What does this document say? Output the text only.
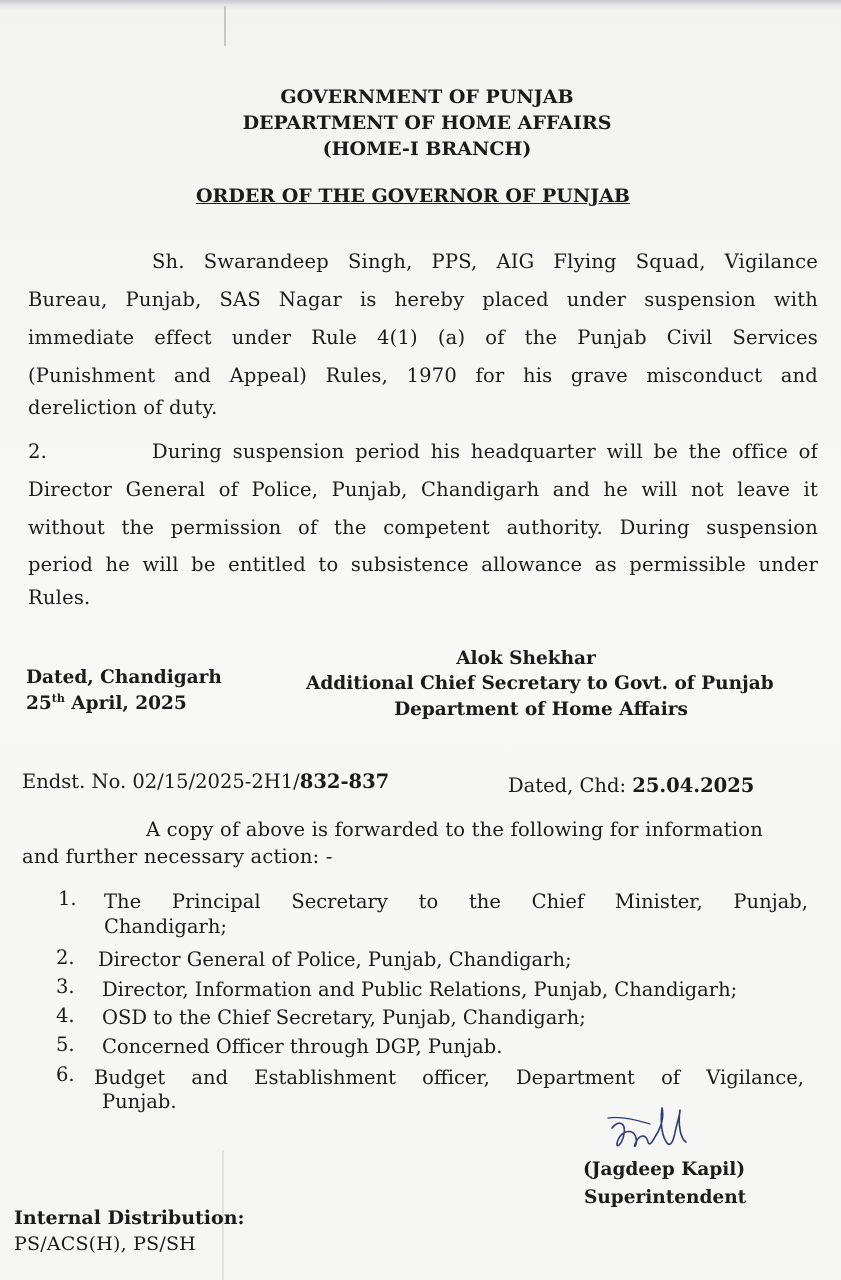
GOVERNMENT OF PUNJAB
DEPARTMENT OF HOME AFFAIRS
(HOME-I BRANCH)
ORDER OF THE GOVERNOR OF PUNJAB
Sh. Swarandeep Singh, PPS, AIG Flying Squad, Vigilance
Bureau, Punjab, SAS Nagar is hereby placed under suspension with
immediate effect under Rule 4(1) (a) of the Punjab Civil Services
(Punishment and Appeal) Rules, 1970 for his grave misconduct and
dereliction of duty.
2.	During suspension period his headquarter will be the office of
Director General of Police, Punjab, Chandigarh and he will not leave it
without the permission of the competent authority. During suspension
period he will be entitled to subsistence allowance as permissible under
Rules.
Dated, Chandigarh
25th April, 2025
Alok Shekhar
Additional Chief Secretary to Govt. of Punjab
Department of Home Affairs
Endst. No. 02/15/2025-2H1/832-837	Dated, Chd: 25.04.2025
A copy of above is forwarded to the following for information
and further necessary action: -
1. The Principal Secretary to the Chief Minister, Punjab,
Chandigarh;
2. Director General of Police, Punjab, Chandigarh;
3. Director, Information and Public Relations, Punjab, Chandigarh;
4. OSD to the Chief Secretary, Punjab, Chandigarh;
5. Concerned Officer through DGP, Punjab.
6. Budget and Establishment officer, Department of Vigilance,
Punjab.
(Jagdeep Kapil)
Superintendent
Internal Distribution:
PS/ACS(H), PS/SH
